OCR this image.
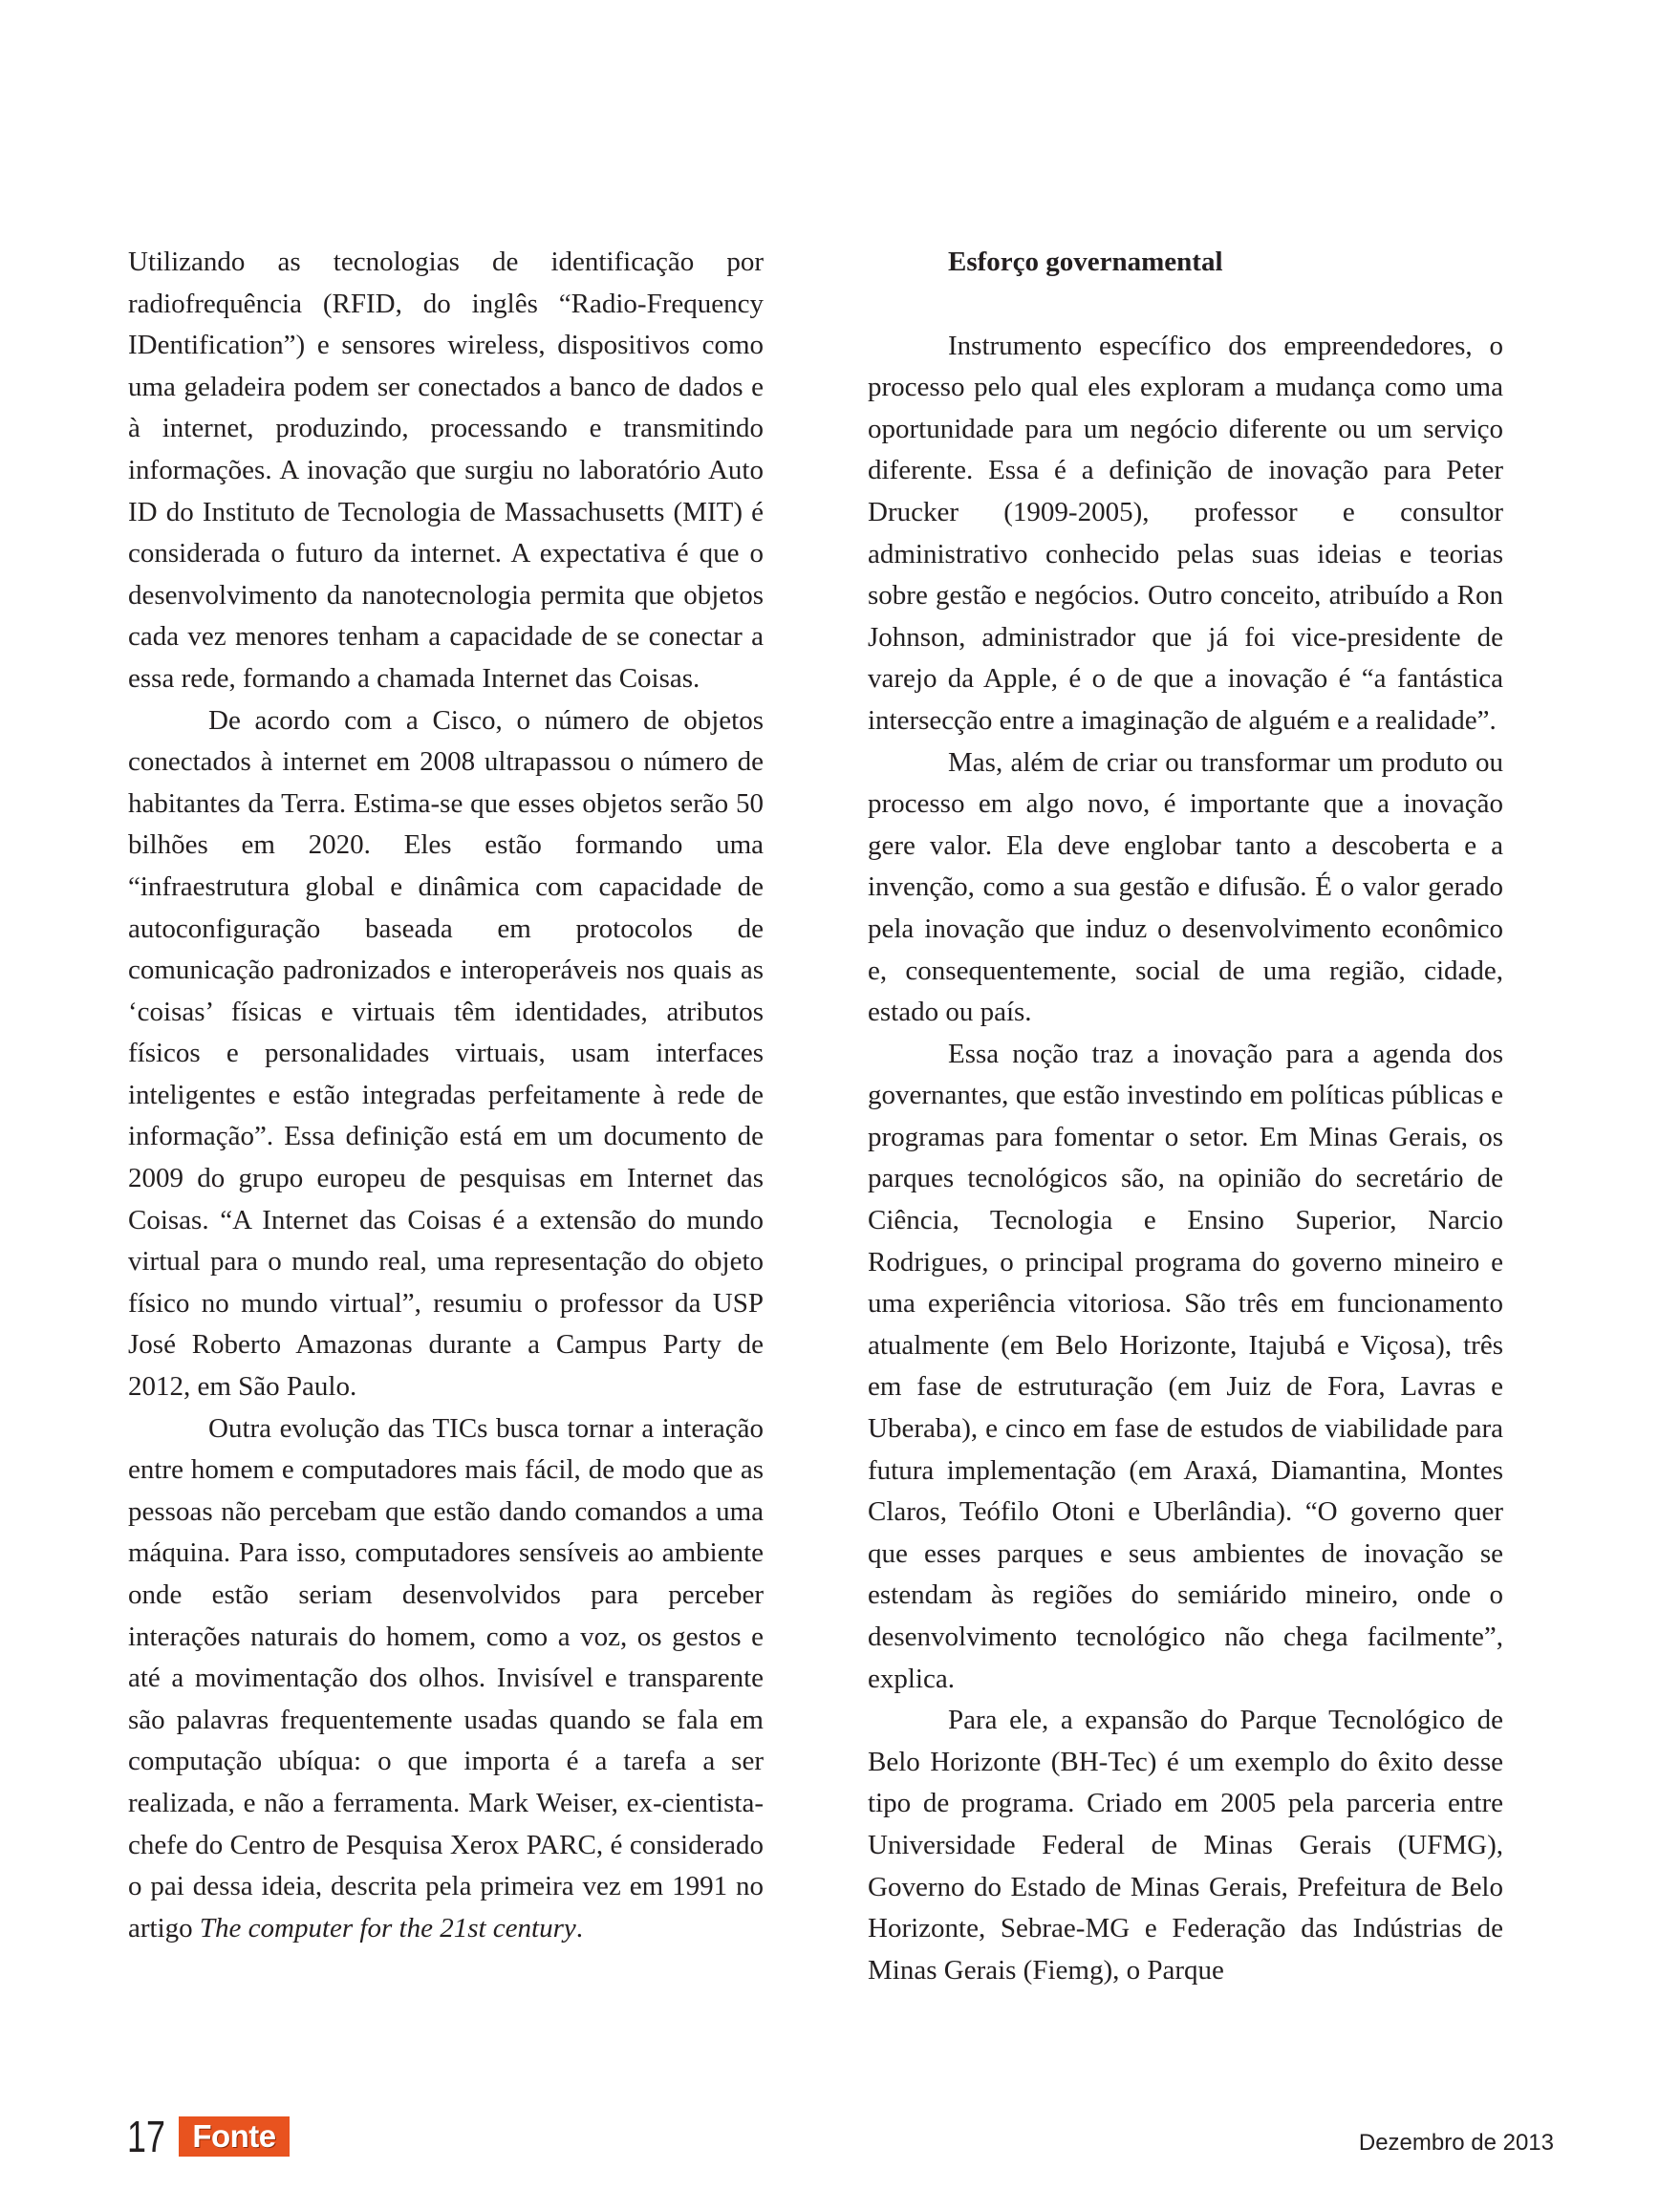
Utilizando as tecnologias de identificação por radiofrequência (RFID, do inglês “Radio-Frequency IDentification”) e sensores wireless, dispositivos como uma geladeira podem ser conectados a banco de dados e à internet, produzindo, processando e transmitindo informações. A inovação que surgiu no laboratório Auto ID do Instituto de Tecnologia de Massachusetts (MIT) é considerada o futuro da internet. A expectativa é que o desenvolvimento da nanotecnologia permita que objetos cada vez menores tenham a capacidade de se conectar a essa rede, formando a chamada Internet das Coisas.

De acordo com a Cisco, o número de objetos conectados à internet em 2008 ultrapassou o número de habitantes da Terra. Estima-se que esses objetos serão 50 bilhões em 2020. Eles estão formando uma “infraestrutura global e dinâmica com capacidade de autoconfiguração baseada em protocolos de comunicação padronizados e interoperáveis nos quais as ‘coisas’ físicas e virtuais têm identidades, atributos físicos e personalidades virtuais, usam interfaces inteligentes e estão integradas perfeitamente à rede de informação”. Essa definição está em um documento de 2009 do grupo europeu de pesquisas em Internet das Coisas. “A Internet das Coisas é a extensão do mundo virtual para o mundo real, uma representação do objeto físico no mundo virtual”, resumiu o professor da USP José Roberto Amazonas durante a Campus Party de 2012, em São Paulo.

Outra evolução das TICs busca tornar a interação entre homem e computadores mais fácil, de modo que as pessoas não percebam que estão dando comandos a uma máquina. Para isso, computadores sensíveis ao ambiente onde estão seriam desenvolvidos para perceber interações naturais do homem, como a voz, os gestos e até a movimentação dos olhos. Invisível e transparente são palavras frequentemente usadas quando se fala em computação ubíqua: o que importa é a tarefa a ser realizada, e não a ferramenta. Mark Weiser, ex-cientista-chefe do Centro de Pesquisa Xerox PARC, é considerado o pai dessa ideia, descrita pela primeira vez em 1991 no artigo The computer for the 21st century.

Esforço governamental

Instrumento específico dos empreendedores, o processo pelo qual eles exploram a mudança como uma oportunidade para um negócio diferente ou um serviço diferente. Essa é a definição de inovação para Peter Drucker (1909-2005), professor e consultor administrativo conhecido pelas suas ideias e teorias sobre gestão e negócios. Outro conceito, atribuído a Ron Johnson, administrador que já foi vice-presidente de varejo da Apple, é o de que a inovação é “a fantástica intersecção entre a imaginação de alguém e a realidade”.

Mas, além de criar ou transformar um produto ou processo em algo novo, é importante que a inovação gere valor. Ela deve englobar tanto a descoberta e a invenção, como a sua gestão e difusão. É o valor gerado pela inovação que induz o desenvolvimento econômico e, consequentemente, social de uma região, cidade, estado ou país.

Essa noção traz a inovação para a agenda dos governantes, que estão investindo em políticas públicas e programas para fomentar o setor. Em Minas Gerais, os parques tecnológicos são, na opinião do secretário de Ciência, Tecnologia e Ensino Superior, Narcio Rodrigues, o principal programa do governo mineiro e uma experiência vitoriosa. São três em funcionamento atualmente (em Belo Horizonte, Itajubá e Viçosa), três em fase de estruturação (em Juiz de Fora, Lavras e Uberaba), e cinco em fase de estudos de viabilidade para futura implementação (em Araxá, Diamantina, Montes Claros, Teófilo Otoni e Uberlândia). “O governo quer que esses parques e seus ambientes de inovação se estendam às regiões do semiárido mineiro, onde o desenvolvimento tecnológico não chega facilmente”, explica.

Para ele, a expansão do Parque Tecnológico de Belo Horizonte (BH-Tec) é um exemplo do êxito desse tipo de programa. Criado em 2005 pela parceria entre Universidade Federal de Minas Gerais (UFMG), Governo do Estado de Minas Gerais, Prefeitura de Belo Horizonte, Sebrae-MG e Federação das Indústrias de Minas Gerais (Fiemg), o Parque

17 Fonte	Dezembro de 2013
